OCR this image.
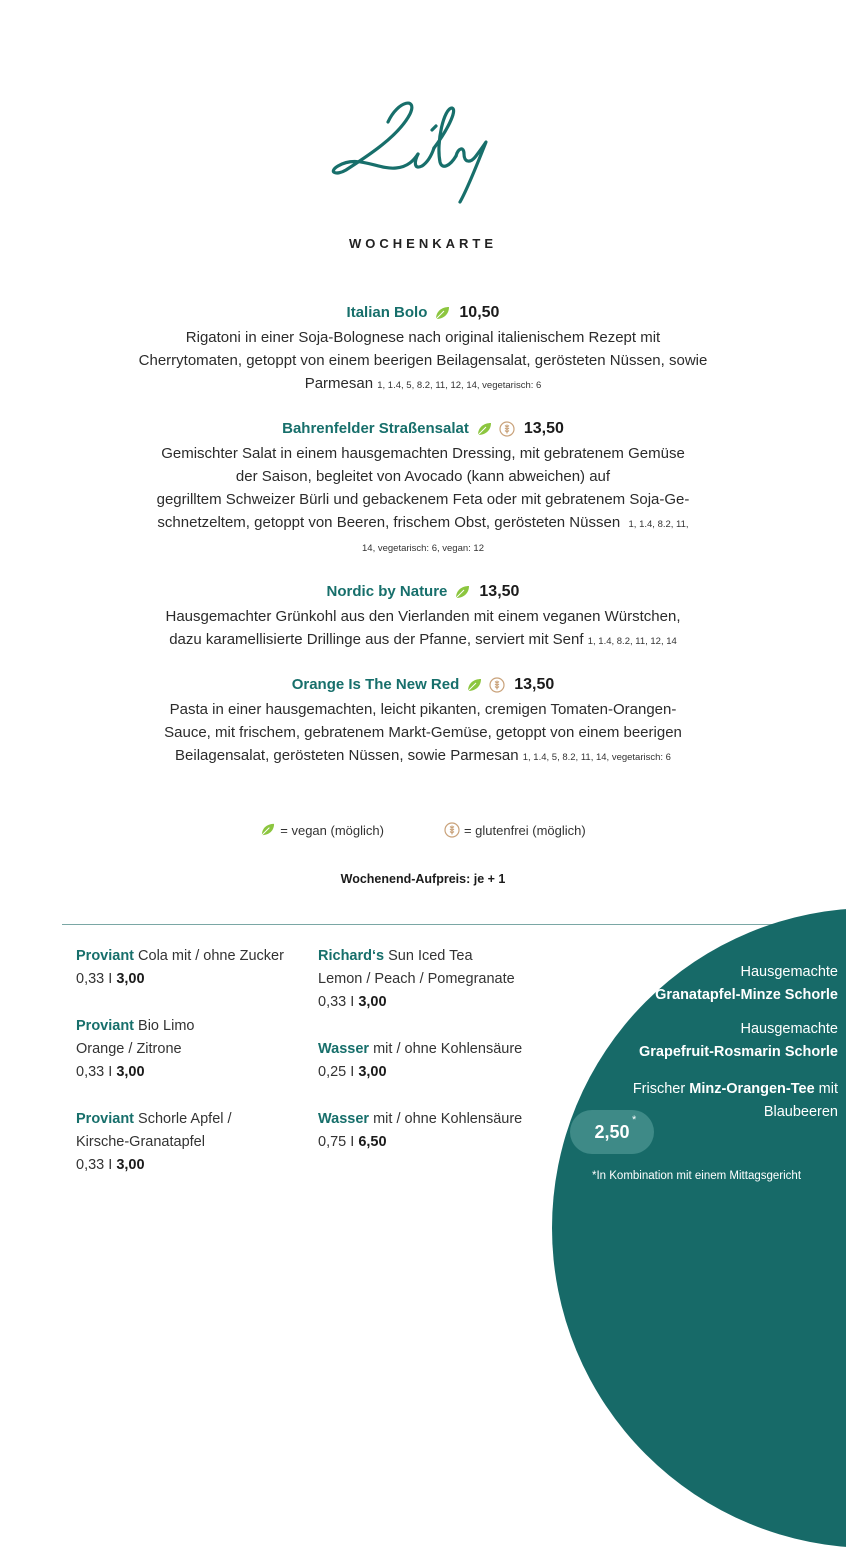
WOCHENKARTE
Italian Bolo 10,50
Rigatoni in einer Soja-Bolognese nach original italienischem Rezept mit
Cherrytomaten, getoppt von einem beerigen Beilagensalat, gerösteten Nüssen, sowie
Parmesan 1, 1.4, 5, 8.2, 11, 12, 14, vegetarisch: 6
Bahrenfelder Straßensalat	13,50
Gemischter Salat in einem hausgemachten Dressing, mit gebratenem Gemüse
der Saison, begleitet von Avocado (kann abweichen) auf
gegrilltem Schweizer Bürli und gebackenem Feta oder mit gebratenem Soja-Ge-
schnetzeltem, getoppt von Beeren, frischem Obst, gerösteten Nüssen 1, 1.4, 8.2, 11,
14, vegetarisch: 6, vegan: 12
Nordic by Nature 13,50
Hausgemachter Grünkohl aus den Vierlanden mit einem veganen Würstchen,
dazu karamellisierte Drillinge aus der Pfanne, serviert mit Senf 1, 1.4, 8.2, 11, 12, 14
Orange Is The New Red	13,50
Pasta in einer hausgemachten, leicht pikanten, cremigen Tomaten-Orangen-
Sauce, mit frischem, gebratenem Markt-Gemüse, getoppt von einem beerigen
Beilagensalat, gerösteten Nüssen, sowie Parmesan 1, 1.4, 5, 8.2, 11, 14, vegetarisch: 6
= vegan (möglich)	= glutenfrei (möglich)
Wochenend-Aufpreis: je + 1
Hausgemachte
Granatapfel-Minze Schorle
Hausgemachte
Grapefruit-Rosmarin Schorle
Frischer Minz-Orangen-Tee mit
Blaubeeren
2,50
*
*In Kombination mit einem Mittagsgericht
Proviant Cola mit / ohne Zucker
0,33 I 3,00
Proviant Bio Limo
Orange / Zitrone
0,33 I 3,00
Proviant Schorle Apfel /
Kirsche-Granatapfel
0,33 I 3,00
Richard‘s Sun Iced Tea
Lemon / Peach / Pomegranate
0,33 I 3,00
Wasser mit / ohne Kohlensäure
0,25 I 3,00
Wasser mit / ohne Kohlensäure
0,75 I 6,50
